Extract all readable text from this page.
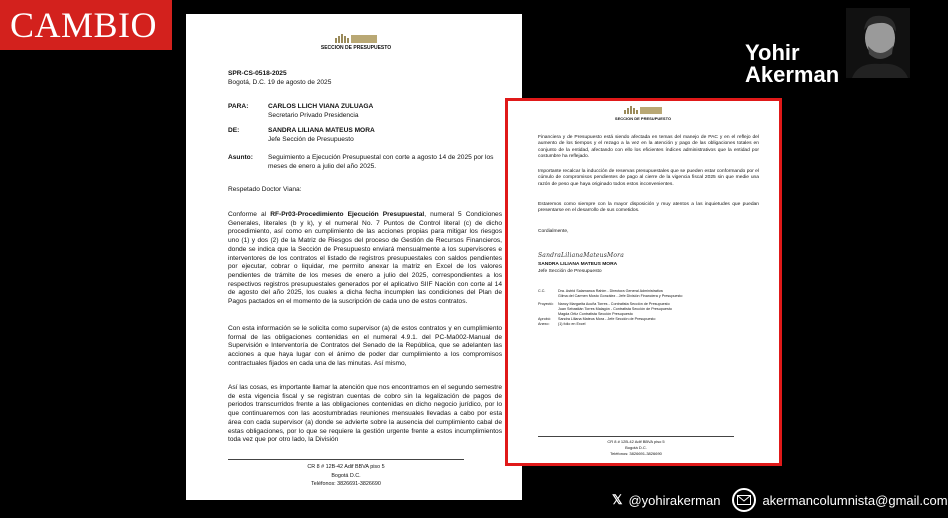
CAMBIO
Yohir
Akerman
𝕏 @yohirakerman	akermancolumnista@gmail.com
SECCION DE PRESUPUESTO
SPR-CS-0518-2025
Bogotá, D.C. 19 de agosto de 2025
PARA:	CARLOS LLICH VIANA ZULUAGA
Secretario Privado Presidencia
DE:	SANDRA LILIANA MATEUS MORA
Jefe Sección de Presupuesto
Asunto:	Seguimiento a Ejecución Presupuestal con corte a agosto 14 de 2025 por los meses de enero a julio del año 2025.
Respetado Doctor Viana:
Conforme al RF-Pr03-Procedimiento Ejecución Presupuestal, numeral 5 Condiciones Generales, literales (b y k), y el numeral No. 7 Puntos de Control literal (c) de dicho procedimiento, así como en cumplimiento de las acciones propias para mitigar los riesgos uno (1) y dos (2) de la Matriz de Riesgos del proceso de Gestión de Recursos Financieros, donde se indica que la Sección de Presupuesto enviará mensualmente a los supervisores e interventores de los contratos el listado de registros presupuestales con saldos pendientes por ejecutar, cobrar o liquidar, me permito anexar la matriz en Excel de los valores pendientes de trámite de los meses de enero a julio del 2025, correspondientes a los respectivos registros presupuestales generados por el aplicativo SIIF Nación con corte al 14 de agosto del año 2025, los cuales a dicha fecha incumplen las condiciones del Plan de Pagos pactados en el momento de la suscripción de cada uno de estos contratos.
Con esta información se le solicita como supervisor (a) de estos contratos y en cumplimiento formal de las obligaciones contenidas en el numeral 4.9.1. del PC-Ma002-Manual de Supervisión e Interventoría de Contratos del Senado de la República, que se adelanten las acciones a que haya lugar con el ánimo de poder dar cumplimiento a los compromisos contractuales fijados en cada una de las minutas. Así mismo,
Así las cosas, es importante llamar la atención que nos encontramos en el segundo semestre de esta vigencia fiscal y se registran cuentas de cobro sin la legalización de pagos de periodos transcurridos frente a las obligaciones contenidas en dicho negocio jurídico, por lo que continuaremos con las acostumbradas reuniones mensuales llevadas a cabo por esta área con cada supervisor (a) donde se advierte sobre la ausencia del cumplimiento cabal de estas obligaciones, por lo que se requiere la gestión urgente frente a estos incumplimientos toda vez que por otro lado, la División
CR 8 # 12B-42 Adif BBVA piso 5
Bogotá D.C.
Teléfonos: 3826691-3826690
SECCION DE PRESUPUESTO
Financiera y de Presupuesto está siendo afectada en temas del manejo de PAC y en el reflejo del aumento de los tiempos y el rezago a la vez en la atención y pago de las obligaciones totales en conjunto de la entidad, afectando con ello los eficientes índices administrativos que la entidad por costumbre ha reflejado.
Importante recalcar la inducción de reservas presupuestales que se pueden estar conformando por el cúmulo de compromisos pendientes de pago al cierre de la vigencia fiscal 2025 sin que medie una razón de peso que haya originado todos estos inconvenientes.
Estaremos como siempre con la mayor disposición y muy atentos a las inquietudes que puedan presentarse en el desarrollo de sus cometidos.
Cordialmente,
SandraLilianaMateusMora
SANDRA LILIANA MATEUS MORA
Jefe Sección de Presupuesto
C.C.	Dra. Astrid Salamanca Rahim - Directora General Administrativa
Gilma del Carmen Mosto González - Jefe División Financiera y Presupuesto
Proyectó:	Nancy Margarita Acuña Torres - Contratista Sección de Presupuesto
Juan Sebastián Torres Malagón - Contratista Sección de Presupuesto
Magda Ortiz Contratista Sección Presupuesto
Aprobó:	Sandra Liliana Mateus Mora - Jefe Sección de Presupuesto
Anexo:	(1) folio en Excel
CR 8 # 12B-42 Adif BBVA piso 5
Bogotá D.C.
Teléfonos: 3826691-3826690
